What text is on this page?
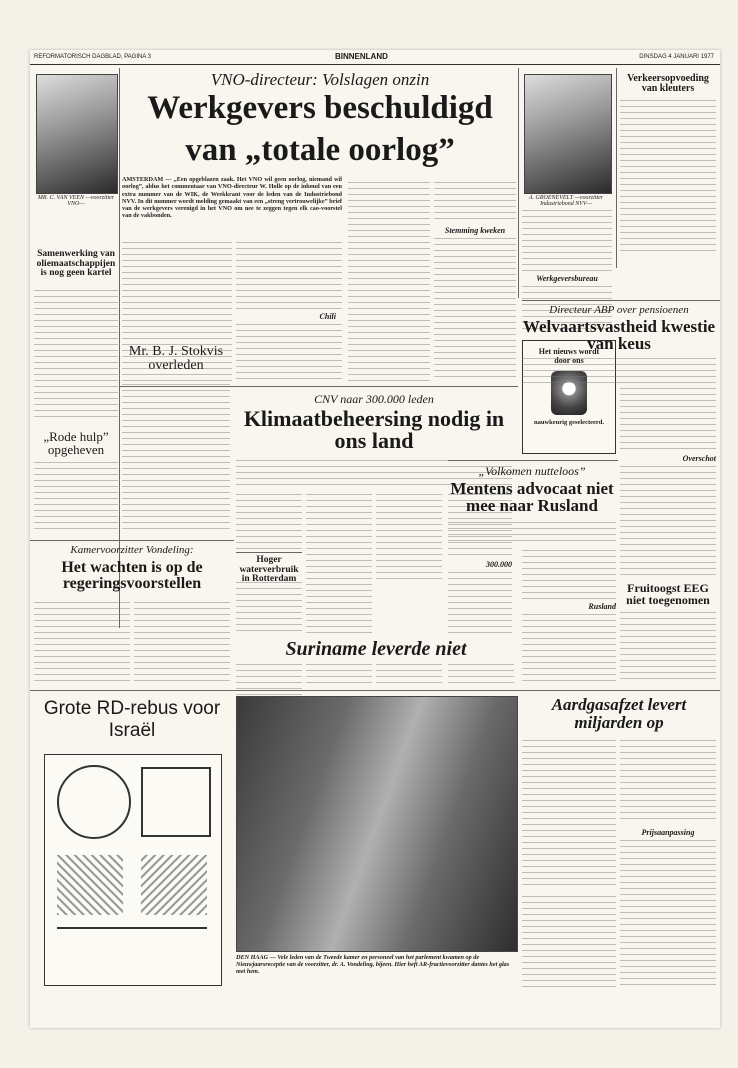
REFORMATORISCH DAGBLAD, PAGINA 3	BINNENLAND	DINSDAG 4 JANUARI 1977
MR. C. VAN VEEN —voorzitter VNO—
A. GROENEVELT —voorzitter Industriebond NVV—
VNO-directeur: Volslagen onzin
Werkgevers beschuldigd
van „totale oorlog”
AMSTERDAM — „Een opgeblazen zaak. Het VNO wil geen oorlog, niemand wil oorlog”, aldus het commentaar van VNO-directeur W. Holle op de inhoud van een extra nummer van de WIK, de Weekkrant voor de leden van de Industriebond NVV. In dit nummer wordt melding gemaakt van een „streng vertrouwelijke” brief van de werkgevers verenigd in het VNO om nee te zeggen tegen elk cao-voorstel van de vakbonden.
Chili
Stemming kweken
Werkgeversbureau
Samenwerking van oliemaatschappijen is nog geen kartel
„Rode hulp” opgeheven
Mr. B. J. Stokvis overleden
CNV naar 300.000 leden
Klimaatbeheersing nodig in ons land
300.000
Hoger waterverbruik in Rotterdam
Het nieuws wordt
door ons
nauwkeurig geselecteerd.
Verkeersopvoeding van kleuters
Directeur ABP over pensioenen
Welvaartsvastheid kwestie van keus
Overschot
„Volkomen nutteloos”
Mentens advocaat niet mee naar Rusland
Rusland
Fruitoogst EEG niet toegenomen
Kamervoorzitter Vondeling:
Het wachten is op de regeringsvoorstellen
Suriname leverde niet
Grote RD-rebus voor Israël
DEN HAAG — Vele leden van de Tweede kamer en personeel van het parlement kwamen op de Nieuwjaarsreceptie van de voorzitter, dr. A. Vondeling, bijeen. Hier heft AR-fractievoorzitter dantes het glas met hem.
Aardgasafzet levert miljarden op
Prijsaanpassing
